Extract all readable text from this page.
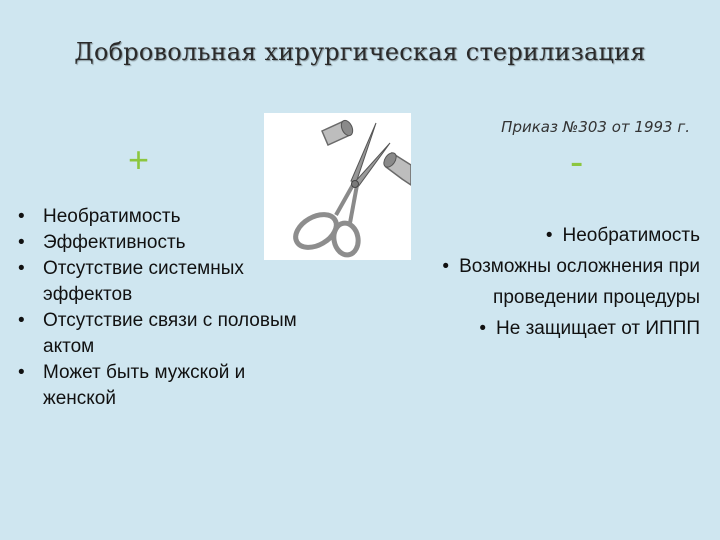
Добровольная хирургическая стерилизация
Приказ №303 от 1993 г.
+	-
• Необратимость
• Эффективность
• Отсутствие системных эффектов
• Отсутствие связи с половым актом
• Может быть мужской и женской
• Необратимость
• Возможны осложнения при проведении процедуры
• Не защищает от ИППП
